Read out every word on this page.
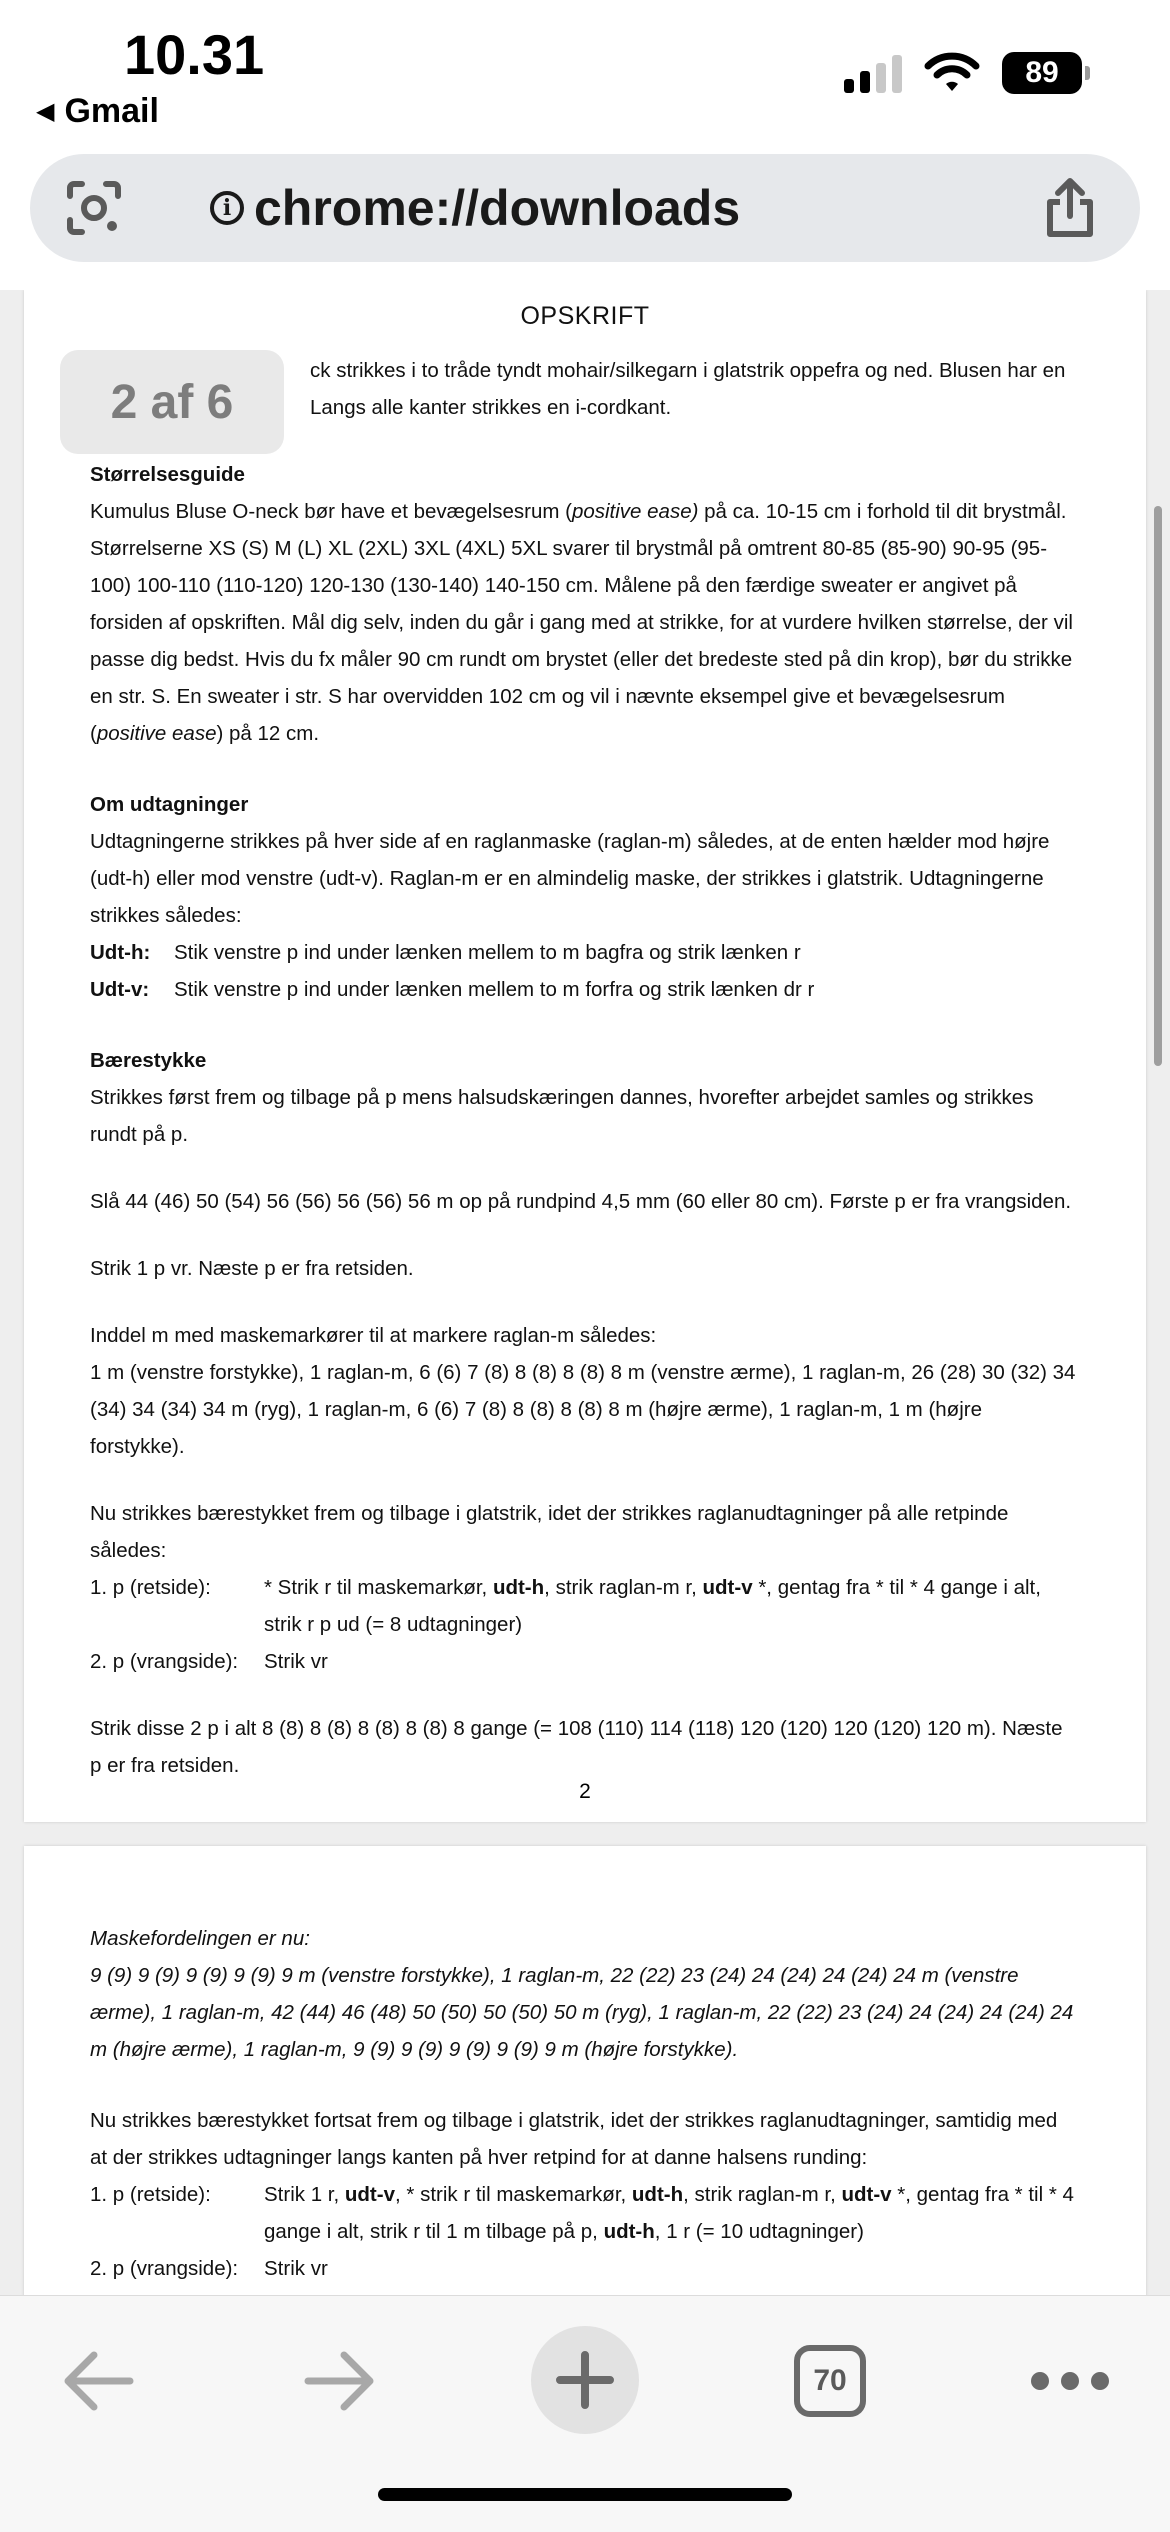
10.31
◀ Gmail
89
i chrome://downloads
OPSKRIFT
ck strikkes i to tråde tyndt mohair/silkegarn i glatstrik oppefra og ned. Blusen har en
Langs alle kanter strikkes en i-cordkant.
Størrelsesguide
Kumulus Bluse O-neck bør have et bevægelsesrum (positive ease) på ca. 10-15 cm i forhold til dit brystmål. Størrelserne XS (S) M (L) XL (2XL) 3XL (4XL) 5XL svarer til brystmål på omtrent 80-85 (85-90) 90-95 (95-100) 100-110 (110-120) 120-130 (130-140) 140-150 cm. Målene på den færdige sweater er angivet på forsiden af opskriften. Mål dig selv, inden du går i gang med at strikke, for at vurdere hvilken størrelse, der vil passe dig bedst. Hvis du fx måler 90 cm rundt om brystet (eller det bredeste sted på din krop), bør du strikke en str. S. En sweater i str. S har overvidden 102 cm og vil i nævnte eksempel give et bevægelsesrum (positive ease) på 12 cm.
Om udtagninger
Udtagningerne strikkes på hver side af en raglanmaske (raglan-m) således, at de enten hælder mod højre (udt-h) eller mod venstre (udt-v). Raglan-m er en almindelig maske, der strikkes i glatstrik. Udtagningerne strikkes således:
Udt-h:	Stik venstre p ind under lænken mellem to m bagfra og strik lænken r
Udt-v:	Stik venstre p ind under lænken mellem to m forfra og strik lænken dr r
Bærestykke
Strikkes først frem og tilbage på p mens halsudskæringen dannes, hvorefter arbejdet samles og strikkes rundt på p.
Slå 44 (46) 50 (54) 56 (56) 56 (56) 56 m op på rundpind 4,5 mm (60 eller 80 cm). Første p er fra vrangsiden.
Strik 1 p vr. Næste p er fra retsiden.
Inddel m med maskemarkører til at markere raglan-m således:
1 m (venstre forstykke), 1 raglan-m, 6 (6) 7 (8) 8 (8) 8 (8) 8 m (venstre ærme), 1 raglan-m, 26 (28) 30 (32) 34 (34) 34 (34) 34 m (ryg), 1 raglan-m, 6 (6) 7 (8) 8 (8) 8 (8) 8 m (højre ærme), 1 raglan-m, 1 m (højre forstykke).
Nu strikkes bærestykket frem og tilbage i glatstrik, idet der strikkes raglanudtagninger på alle retpinde således:
1. p (retside):	* Strik r til maskemarkør, udt-h, strik raglan-m r, udt-v *, gentag fra * til * 4 gange i alt, strik r p ud (= 8 udtagninger)
2. p (vrangside):	Strik vr
Strik disse 2 p i alt 8 (8) 8 (8) 8 (8) 8 (8) 8 gange (= 108 (110) 114 (118) 120 (120) 120 (120) 120 m). Næste p er fra retsiden.
2
Maskefordelingen er nu:
9 (9) 9 (9) 9 (9) 9 (9) 9 m (venstre forstykke), 1 raglan-m, 22 (22) 23 (24) 24 (24) 24 (24) 24 m (venstre ærme), 1 raglan-m, 42 (44) 46 (48) 50 (50) 50 (50) 50 m (ryg), 1 raglan-m, 22 (22) 23 (24) 24 (24) 24 (24) 24 m (højre ærme), 1 raglan-m, 9 (9) 9 (9) 9 (9) 9 (9) 9 m (højre forstykke).
Nu strikkes bærestykket fortsat frem og tilbage i glatstrik, idet der strikkes raglanudtagninger, samtidig med at der strikkes udtagninger langs kanten på hver retpind for at danne halsens runding:
1. p (retside):	Strik 1 r, udt-v, * strik r til maskemarkør, udt-h, strik raglan-m r, udt-v *, gentag fra * til * 4 gange i alt, strik r til 1 m tilbage på p, udt-h, 1 r (= 10 udtagninger)
2. p (vrangside):	Strik vr
2 af 6
70
